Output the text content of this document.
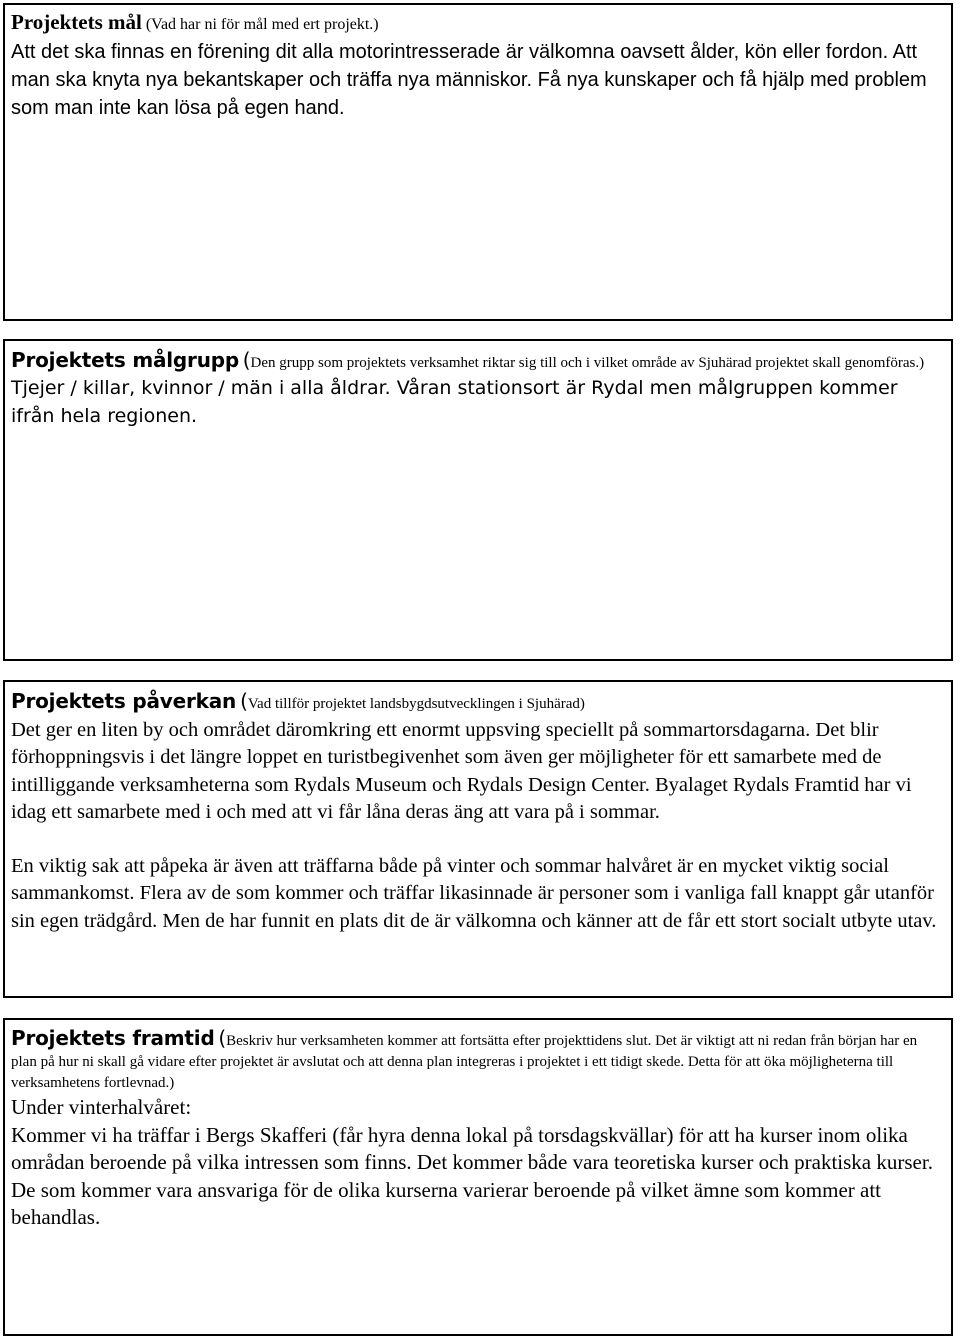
Projektets mål (Vad har ni för mål med ert projekt.)

Att det ska finnas en förening dit alla motorintresserade är välkomna oavsett ålder, kön eller fordon. Att man ska knyta nya bekantskaper och träffa nya människor. Få nya kunskaper och få hjälp med problem som man inte kan lösa på egen hand.

Projektets målgrupp (Den grupp som projektets verksamhet riktar sig till och i vilket område av Sjuhärad projektet skall genomföras.)

Tjejer / killar, kvinnor / män i alla åldrar. Våran stationsort är Rydal men målgruppen kommer ifrån hela regionen.

Projektets påverkan (Vad tillför projektet landsbygdsutvecklingen i Sjuhärad)

Det ger en liten by och området däromkring ett enormt uppsving speciellt på sommartorsdagarna. Det blir förhoppningsvis i det längre loppet en turistbegivenhet som även ger möjligheter för ett samarbete med de intilliggande verksamheterna som Rydals Museum och Rydals Design Center. Byalaget Rydals Framtid har vi idag ett samarbete med i och med att vi får låna deras äng att vara på i sommar.

En viktig sak att påpeka är även att träffarna både på vinter och sommar halvåret är en mycket viktig social sammankomst. Flera av de som kommer och träffar likasinnade är personer som i vanliga fall knappt går utanför sin egen trädgård. Men de har funnit en plats dit de är välkomna och känner att de får ett stort socialt utbyte utav.

Projektets framtid (Beskriv hur verksamheten kommer att fortsätta efter projekttidens slut. Det är viktigt att ni redan från början har en plan på hur ni skall gå vidare efter projektet är avslutat och att denna plan integreras i projektet i ett tidigt skede. Detta för att öka möjligheterna till verksamhetens fortlevnad.)

Under vinterhalvåret:

Kommer vi ha träffar i Bergs Skafferi (får hyra denna lokal på torsdagskvällar) för att ha kurser inom olika områdan beroende på vilka intressen som finns. Det kommer både vara teoretiska kurser och praktiska kurser. De som kommer vara ansvariga för de olika kurserna varierar beroende på vilket ämne som kommer att behandlas.
